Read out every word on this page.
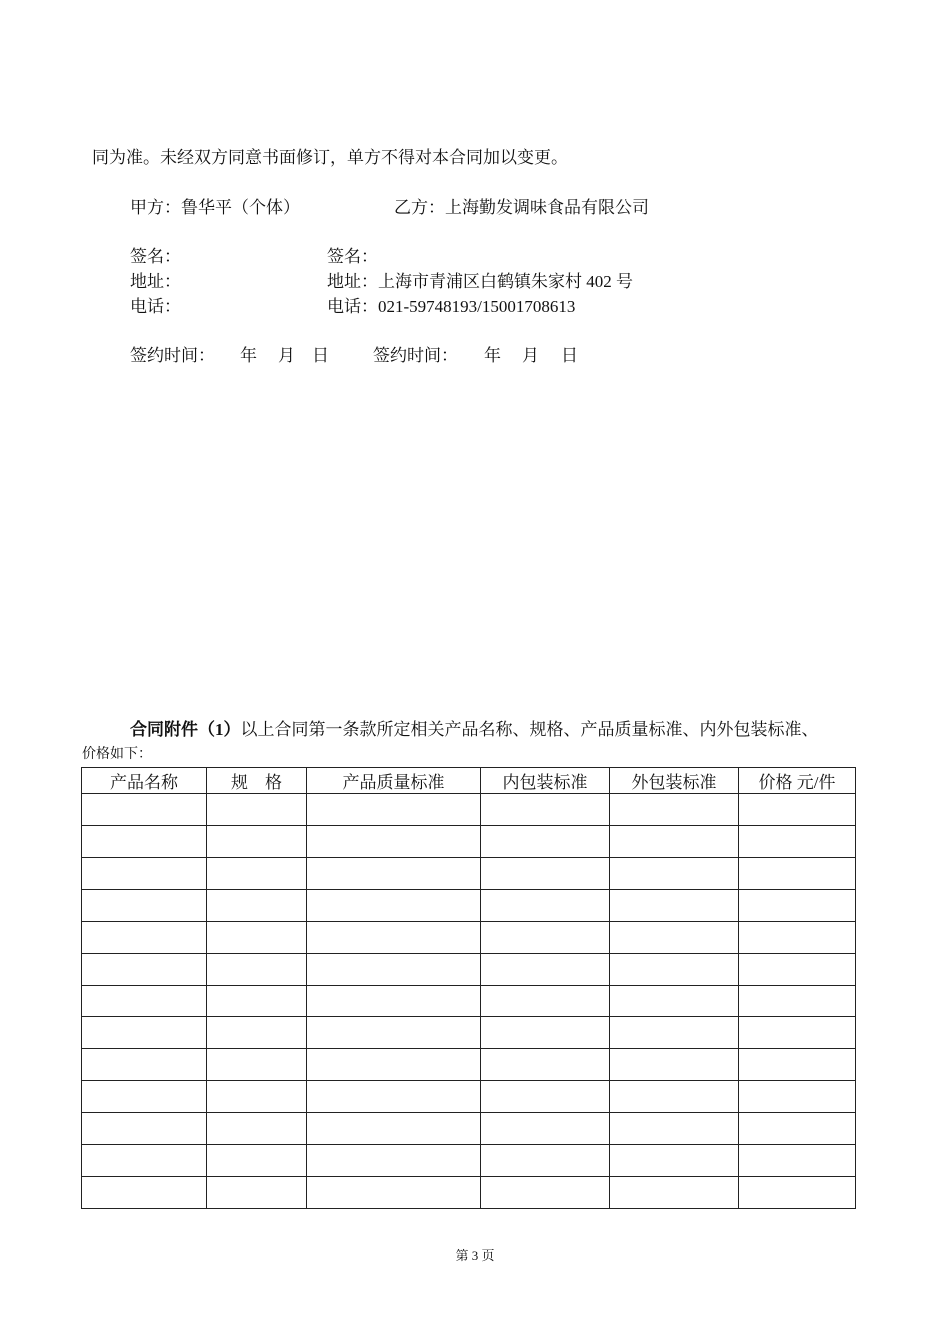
同为准。未经双方同意书面修订，单方不得对本合同加以变更。
甲方：鲁华平（个体）	乙方：上海勤发调味食品有限公司
签名：	签名：
地址：	地址：上海市青浦区白鹤镇朱家村 402 号
电话：	电话：021-59748193/15001708613
签约时间： 年 月 日	签约时间： 年 月 日
合同附件（1）以上合同第一条款所定相关产品名称、规格、产品质量标准、内外包装标准、
价格如下：
产品名称	规　格	产品质量标准	内包装标准	外包装标准	价格 元/件

第 3 页
